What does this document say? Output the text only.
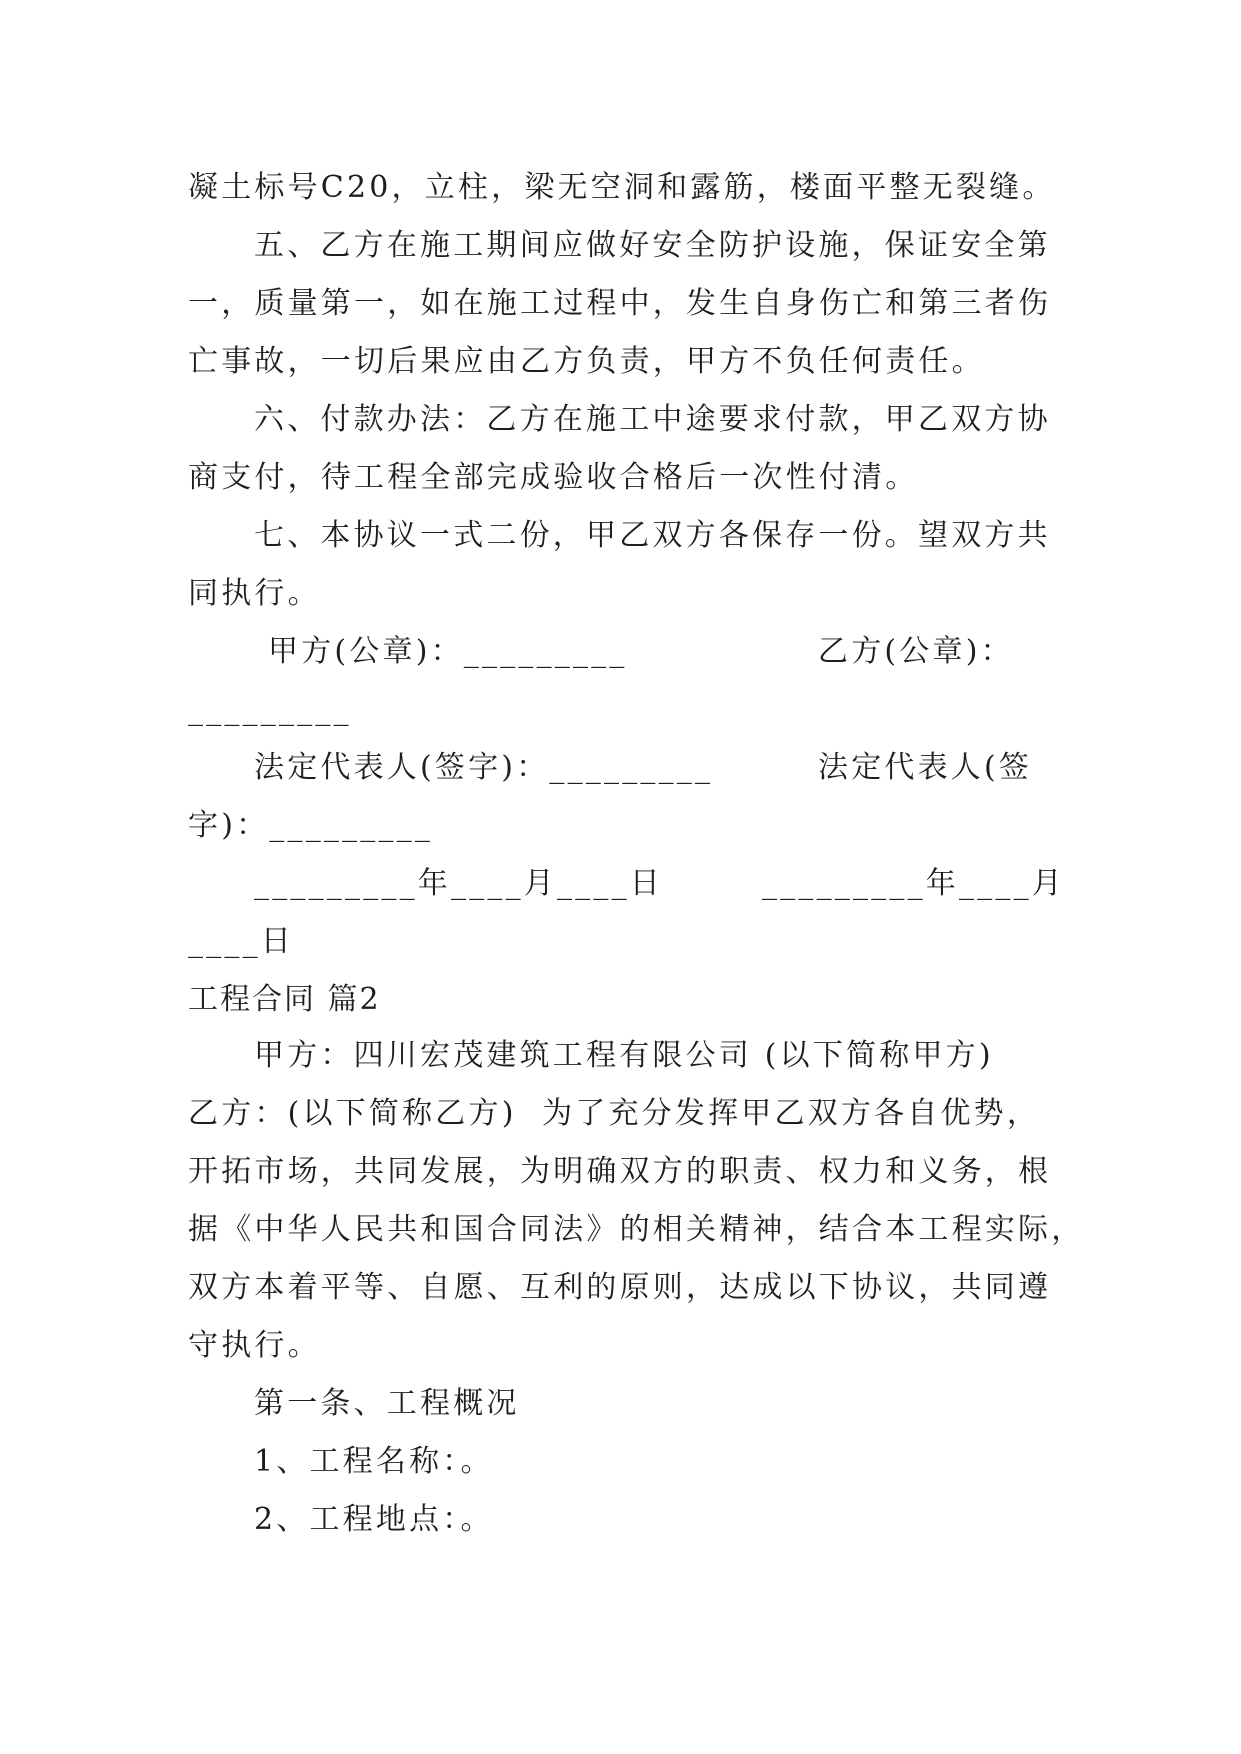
凝土标号C20，立柱，梁无空洞和露筋，楼面平整无裂缝。
五、乙方在施工期间应做好安全防护设施，保证安全第
一，质量第一，如在施工过程中，发生自身伤亡和第三者伤
亡事故，一切后果应由乙方负责，甲方不负任何责任。
六、付款办法：乙方在施工中途要求付款，甲乙双方协
商支付，待工程全部完成验收合格后一次性付清。
七、本协议一式二份，甲乙双方各保存一份。望双方共
同执行。
甲方(公章)：_________	乙方(公章)：
_________
法定代表人(签字)：_________	法定代表人(签
字)：_________
_________年____月____日	_________年____月
____日
工程合同 篇2
甲方：四川宏茂建筑工程有限公司 (以下简称甲方)
乙方：(以下简称乙方)  为了充分发挥甲乙双方各自优势，
开拓市场，共同发展，为明确双方的职责、权力和义务，根
据《中华人民共和国合同法》的相关精神，结合本工程实际，
双方本着平等、自愿、互利的原则，达成以下协议，共同遵
守执行。
第一条、工程概况
1、工程名称：。
2、工程地点：。
